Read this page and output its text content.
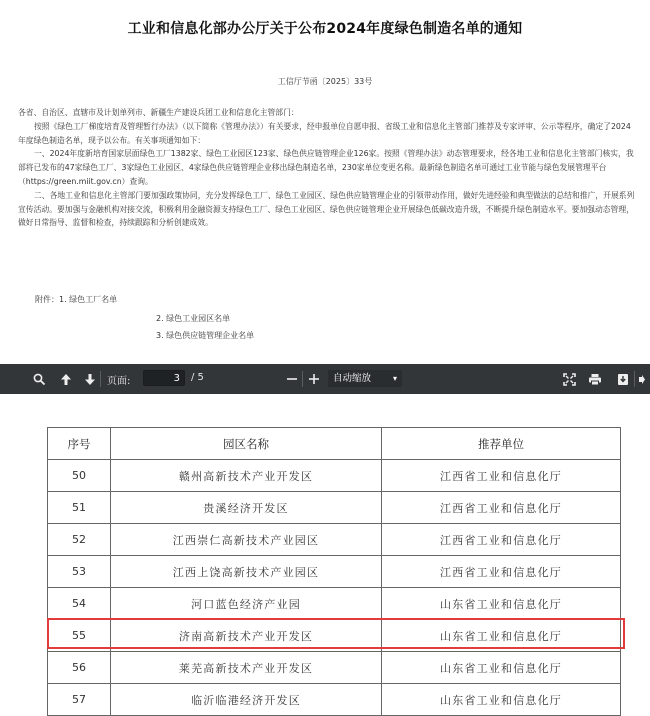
工业和信息化部办公厅关于公布2024年度绿色制造名单的通知
工信厅节函〔2025〕33号

各省、自治区、直辖市及计划单列市、新疆生产建设兵团工业和信息化主管部门：

按照《绿色工厂梯度培育及管理暂行办法》（以下简称《管理办法》）有关要求，经申报单位自愿申报、省级工业和信息化主管部门推荐及专家评审、公示等程序，确定了2024年度绿色制造名单，现予以公布。有关事项通知如下：

一、2024年度新培育国家层面绿色工厂1382家、绿色工业园区123家、绿色供应链管理企业126家。按照《管理办法》动态管理要求，经各地工业和信息化主管部门核实，我部将已发布的47家绿色工厂、3家绿色工业园区、4家绿色供应链管理企业移出绿色制造名单，230家单位变更名称。最新绿色制造名单可通过工业节能与绿色发展管理平台（https://green.miit.gov.cn）查询。

二、各地工业和信息化主管部门要加强政策协同，充分发挥绿色工厂、绿色工业园区、绿色供应链管理企业的引领带动作用，做好先进经验和典型做法的总结和推广，开展系列宣传活动。要加强与金融机构对接交流，积极利用金融资源支持绿色工厂、绿色工业园区、绿色供应链管理企业开展绿色低碳改造升级，不断提升绿色制造水平。要加强动态管理，做好日常指导、监督和检查，持续跟踪和分析创建成效。

附件：1. 绿色工厂名单
2. 绿色工业园区名单
3. 绿色供应链管理企业名单
页面:	3	/ 5	自动缩放	▾
序号	园区名称	推荐单位
50	赣州高新技术产业开发区	江西省工业和信息化厅
51	贵溪经济开发区	江西省工业和信息化厅
52	江西崇仁高新技术产业园区	江西省工业和信息化厅
53	江西上饶高新技术产业园区	江西省工业和信息化厅
54	河口蓝色经济产业园	山东省工业和信息化厅
55	济南高新技术产业开发区	山东省工业和信息化厅
56	莱芜高新技术产业开发区	山东省工业和信息化厅
57	临沂临港经济开发区	山东省工业和信息化厅
